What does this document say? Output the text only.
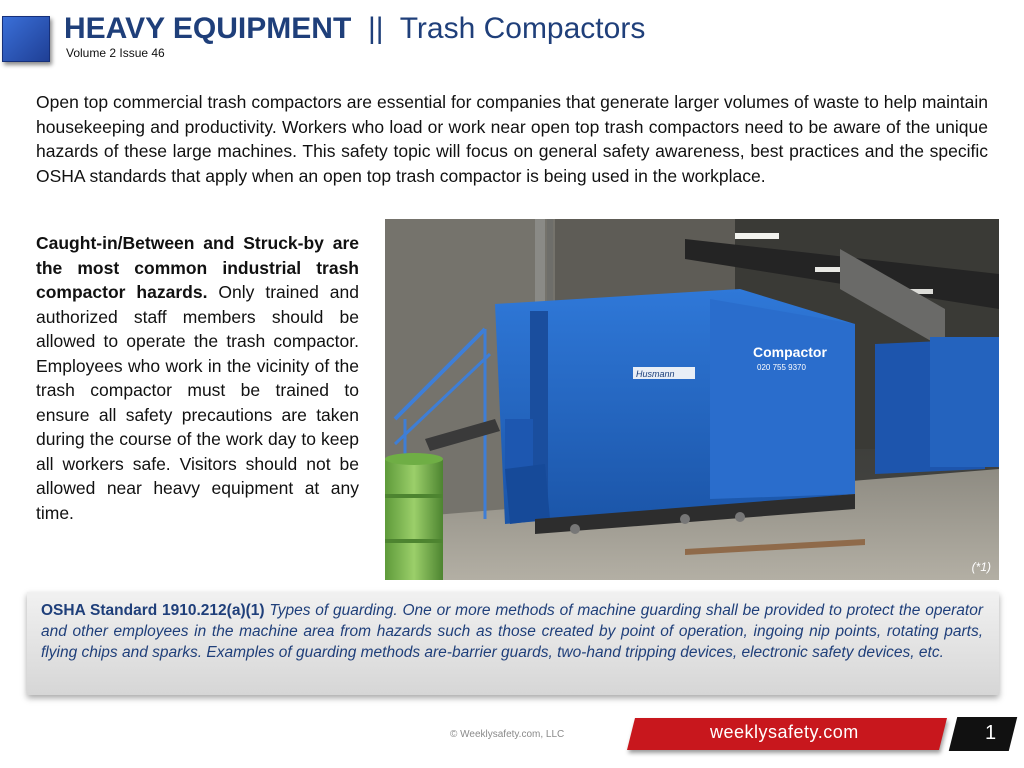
HEAVY EQUIPMENT || Trash Compactors
Volume 2 Issue 46
Open top commercial trash compactors are essential for companies that generate larger volumes of waste to help maintain housekeeping and productivity. Workers who load or work near open top trash compactors need to be aware of the unique hazards of these large machines. This safety topic will focus on general safety awareness, best practices and the specific OSHA standards that apply when an open top trash compactor is being used in the workplace.
Caught-in/Between and Struck-by are the most common industrial trash compactor hazards. Only trained and authorized staff members should be allowed to operate the trash compactor. Employees who work in the vicinity of the trash compactor must be trained to ensure all safety precautions are taken during the course of the work day to keep all workers safe. Visitors should not be allowed near heavy equipment at any time.
Husmann
Compactor
020 755 9370
(*1)
OSHA Standard 1910.212(a)(1) Types of guarding. One or more methods of machine guarding shall be provided to protect the operator and other employees in the machine area from hazards such as those created by point of operation, ingoing nip points, rotating parts, flying chips and sparks. Examples of guarding methods are-barrier guards, two-hand tripping devices, electronic safety devices, etc.
© Weeklysafety.com, LLC	weeklysafety.com	1
